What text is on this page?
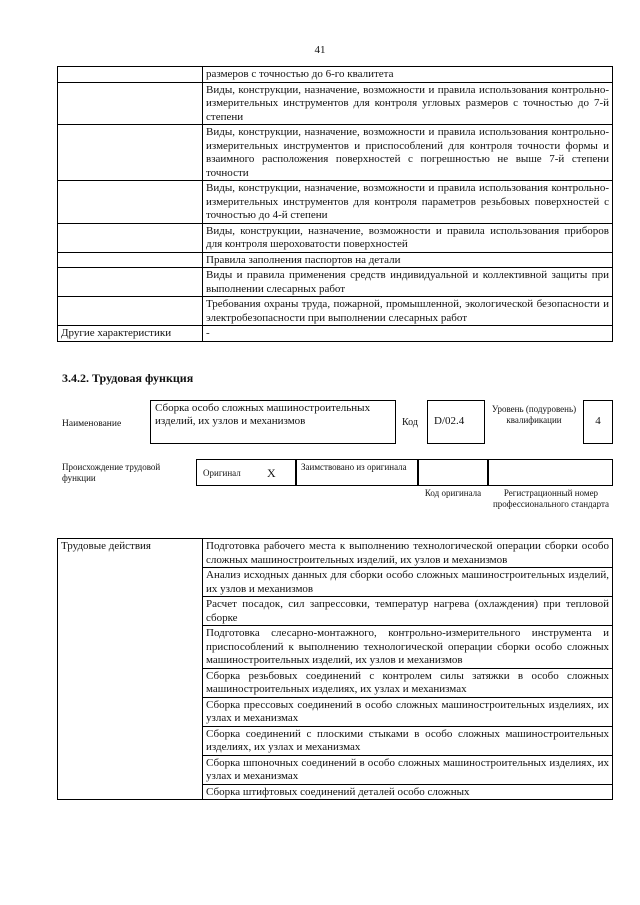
41
	размеров с точностью до 6-го квалитета
	Виды, конструкции, назначение, возможности и правила использования контрольно-измерительных инструментов для контроля угловых размеров с точностью до 7-й степени
	Виды, конструкции, назначение, возможности и правила использования контрольно-измерительных инструментов и приспособлений для контроля точности формы и взаимного расположения поверхностей с погрешностью не выше 7-й степени точности
	Виды, конструкции, назначение, возможности и правила использования контрольно-измерительных инструментов для контроля параметров резьбовых поверхностей с точностью до 4-й степени
	Виды, конструкции, назначение, возможности и правила использования приборов для контроля шероховатости поверхностей
	Правила заполнения паспортов на детали
	Виды и правила применения средств индивидуальной и коллективной защиты при выполнении слесарных работ
	Требования охраны труда, пожарной, промышленной, экологической безопасности и электробезопасности при выполнении слесарных работ
Другие характеристики	-
3.4.2. Трудовая функция
Наименование
Сборка особо сложных машиностроительных изделий, их узлов и механизмов	Код	D/02.4
Уровень (подуровень) квалификации	4
Происхождение трудовой функции	Оригинал X	Заимствовано из оригинала
Код оригинала	Регистрационный номер профессионального стандарта
Трудовые действия	Подготовка рабочего места к выполнению технологической операции сборки особо сложных машиностроительных изделий, их узлов и механизмов
Анализ исходных данных для сборки особо сложных машиностроительных изделий, их узлов и механизмов
Расчет посадок, сил запрессовки, температур нагрева (охлаждения) при тепловой сборке
Подготовка слесарно-монтажного, контрольно-измерительного инструмента и приспособлений к выполнению технологической операции сборки особо сложных машиностроительных изделий, их узлов и механизмов
Сборка резьбовых соединений с контролем силы затяжки в особо сложных машиностроительных изделиях, их узлах и механизмах
Сборка прессовых соединений в особо сложных машиностроительных изделиях, их узлах и механизмах
Сборка соединений с плоскими стыками в особо сложных машиностроительных изделиях, их узлах и механизмах
Сборка шпоночных соединений в особо сложных машиностроительных изделиях, их узлах и механизмах
Сборка штифтовых соединений деталей особо сложных
